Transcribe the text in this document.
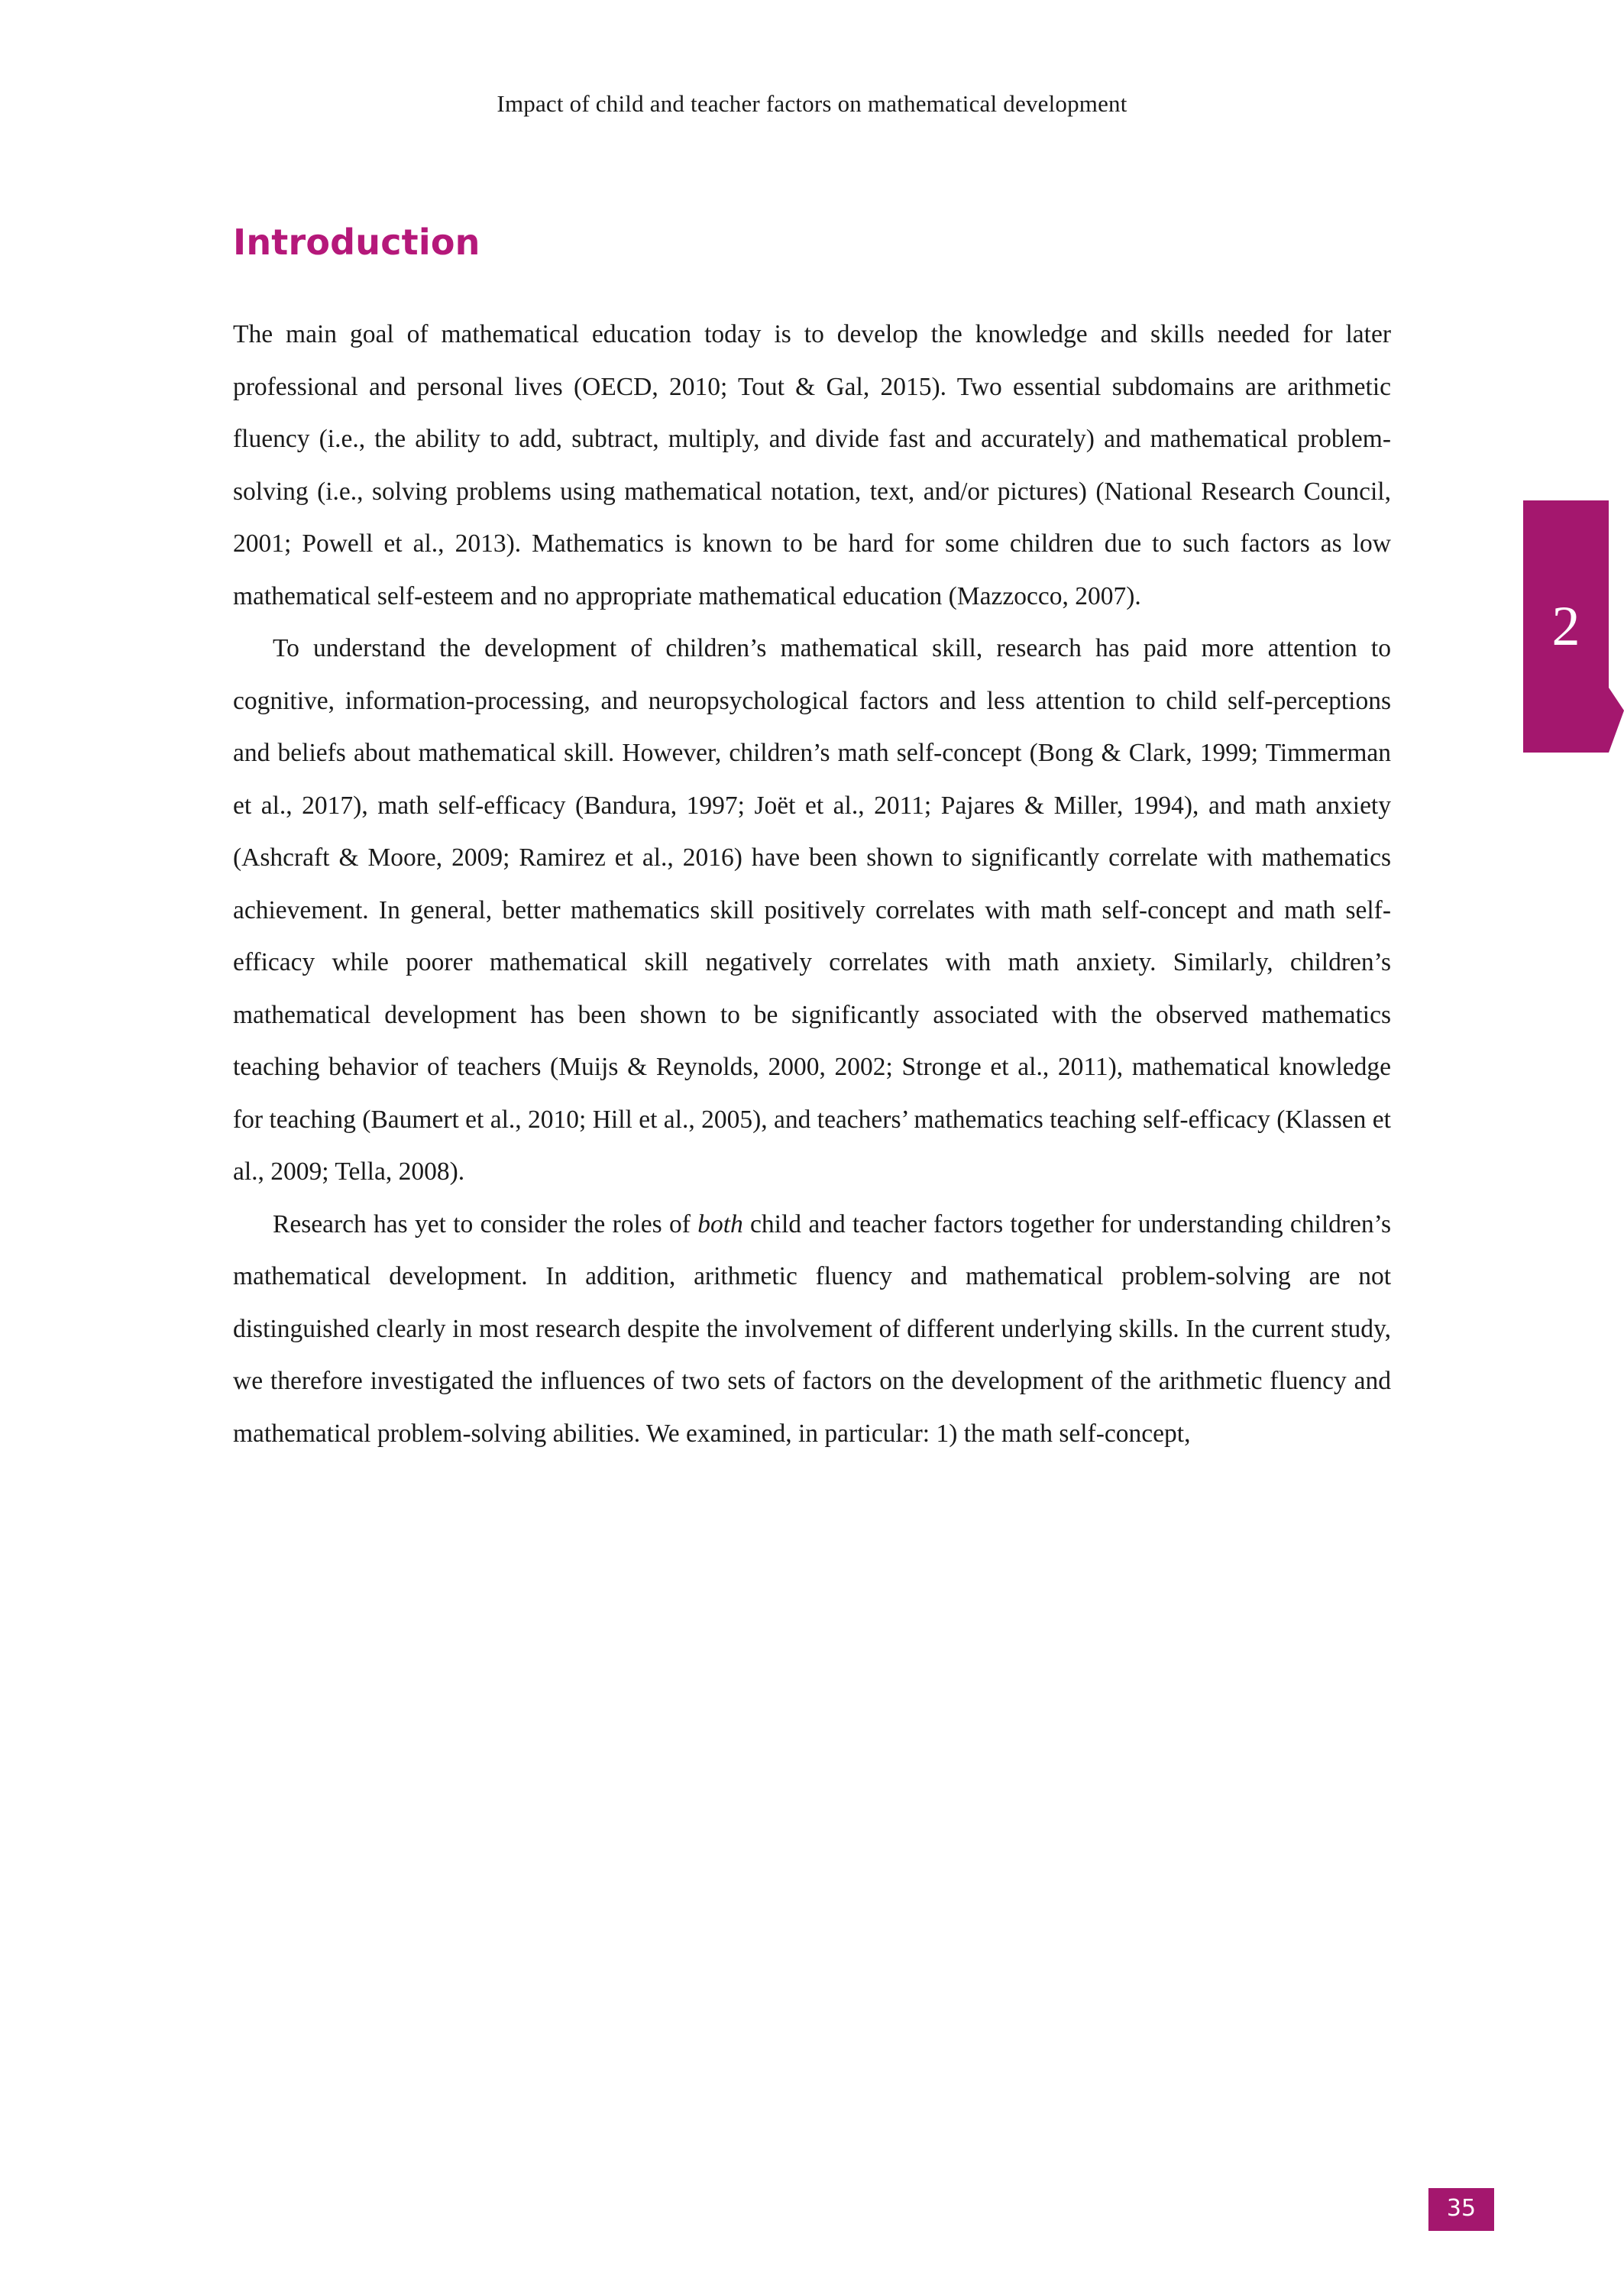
Impact of child and teacher factors on mathematical development
2
Introduction

The main goal of mathematical education today is to develop the knowledge and skills needed for later professional and personal lives (OECD, 2010; Tout & Gal, 2015). Two essential subdomains are arithmetic fluency (i.e., the ability to add, subtract, multiply, and divide fast and accurately) and mathematical problem-solving (i.e., solving problems using mathematical notation, text, and/or pictures) (National Research Council, 2001; Powell et al., 2013). Mathematics is known to be hard for some children due to such factors as low mathematical self-esteem and no appropriate mathematical education (Mazzocco, 2007).

To understand the development of children’s mathematical skill, research has paid more attention to cognitive, information-processing, and neuropsychological factors and less attention to child self-perceptions and beliefs about mathematical skill. However, children’s math self-concept (Bong & Clark, 1999; Timmerman et al., 2017), math self-efficacy (Bandura, 1997; Joët et al., 2011; Pajares & Miller, 1994), and math anxiety (Ashcraft & Moore, 2009; Ramirez et al., 2016) have been shown to significantly correlate with mathematics achievement. In general, better mathematics skill positively correlates with math self-concept and math self-efficacy while poorer mathematical skill negatively correlates with math anxiety. Similarly, children’s mathematical development has been shown to be significantly associated with the observed mathematics teaching behavior of teachers (Muijs & Reynolds, 2000, 2002; Stronge et al., 2011), mathematical knowledge for teaching (Baumert et al., 2010; Hill et al., 2005), and teachers’ mathematics teaching self-efficacy (Klassen et al., 2009; Tella, 2008).

Research has yet to consider the roles of both child and teacher factors together for understanding children’s mathematical development. In addition, arithmetic fluency and mathematical problem-solving are not distinguished clearly in most research despite the involvement of different underlying skills. In the current study, we therefore investigated the influences of two sets of factors on the development of the arithmetic fluency and mathematical problem-solving abilities. We examined, in particular: 1) the math self-concept,

35
